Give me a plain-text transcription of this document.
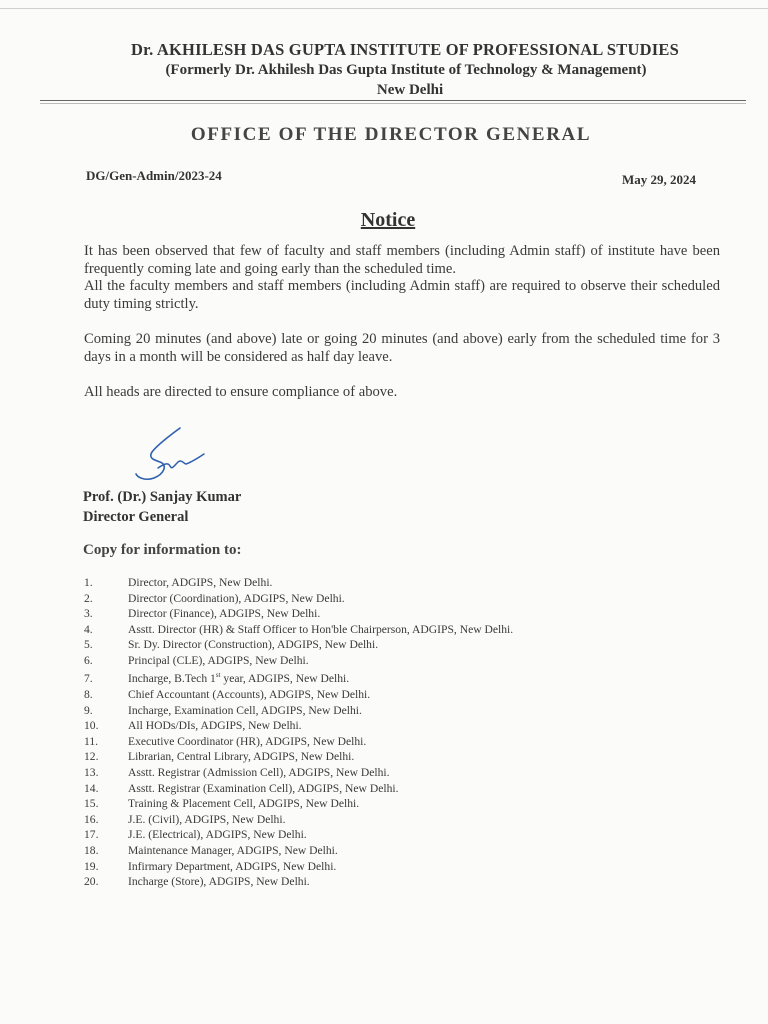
Dr. AKHILESH DAS GUPTA INSTITUTE OF PROFESSIONAL STUDIES
(Formerly Dr. Akhilesh Das Gupta Institute of Technology & Management)
New Delhi
OFFICE OF THE DIRECTOR GENERAL
DG/Gen-Admin/2023-24	May 29, 2024
Notice

It has been observed that few of faculty and staff members (including Admin staff) of institute have been frequently coming late and going early than the scheduled time.

All the faculty members and staff members (including Admin staff) are required to observe their scheduled duty timing strictly.

Coming 20 minutes (and above) late or going 20 minutes (and above) early from the scheduled time for 3 days in a month will be considered as half day leave.

All heads are directed to ensure compliance of above.

Prof. (Dr.) Sanjay Kumar
Director General
Copy for information to:
1.	Director, ADGIPS, New Delhi.
2.	Director (Coordination), ADGIPS, New Delhi.
3.	Director (Finance), ADGIPS, New Delhi.
4.	Asstt. Director (HR) & Staff Officer to Hon'ble Chairperson, ADGIPS, New Delhi.
5.	Sr. Dy. Director (Construction), ADGIPS, New Delhi.
6.	Principal (CLE), ADGIPS, New Delhi.
7.	Incharge, B.Tech 1st year, ADGIPS, New Delhi.
8.	Chief Accountant (Accounts), ADGIPS, New Delhi.
9.	Incharge, Examination Cell, ADGIPS, New Delhi.
10.	All HODs/DIs, ADGIPS, New Delhi.
11.	Executive Coordinator (HR), ADGIPS, New Delhi.
12.	Librarian, Central Library, ADGIPS, New Delhi.
13.	Asstt. Registrar (Admission Cell), ADGIPS, New Delhi.
14.	Asstt. Registrar (Examination Cell), ADGIPS, New Delhi.
15.	Training & Placement Cell, ADGIPS, New Delhi.
16.	J.E. (Civil), ADGIPS, New Delhi.
17.	J.E. (Electrical), ADGIPS, New Delhi.
18.	Maintenance Manager, ADGIPS, New Delhi.
19.	Infirmary Department, ADGIPS, New Delhi.
20.	Incharge (Store), ADGIPS, New Delhi.
